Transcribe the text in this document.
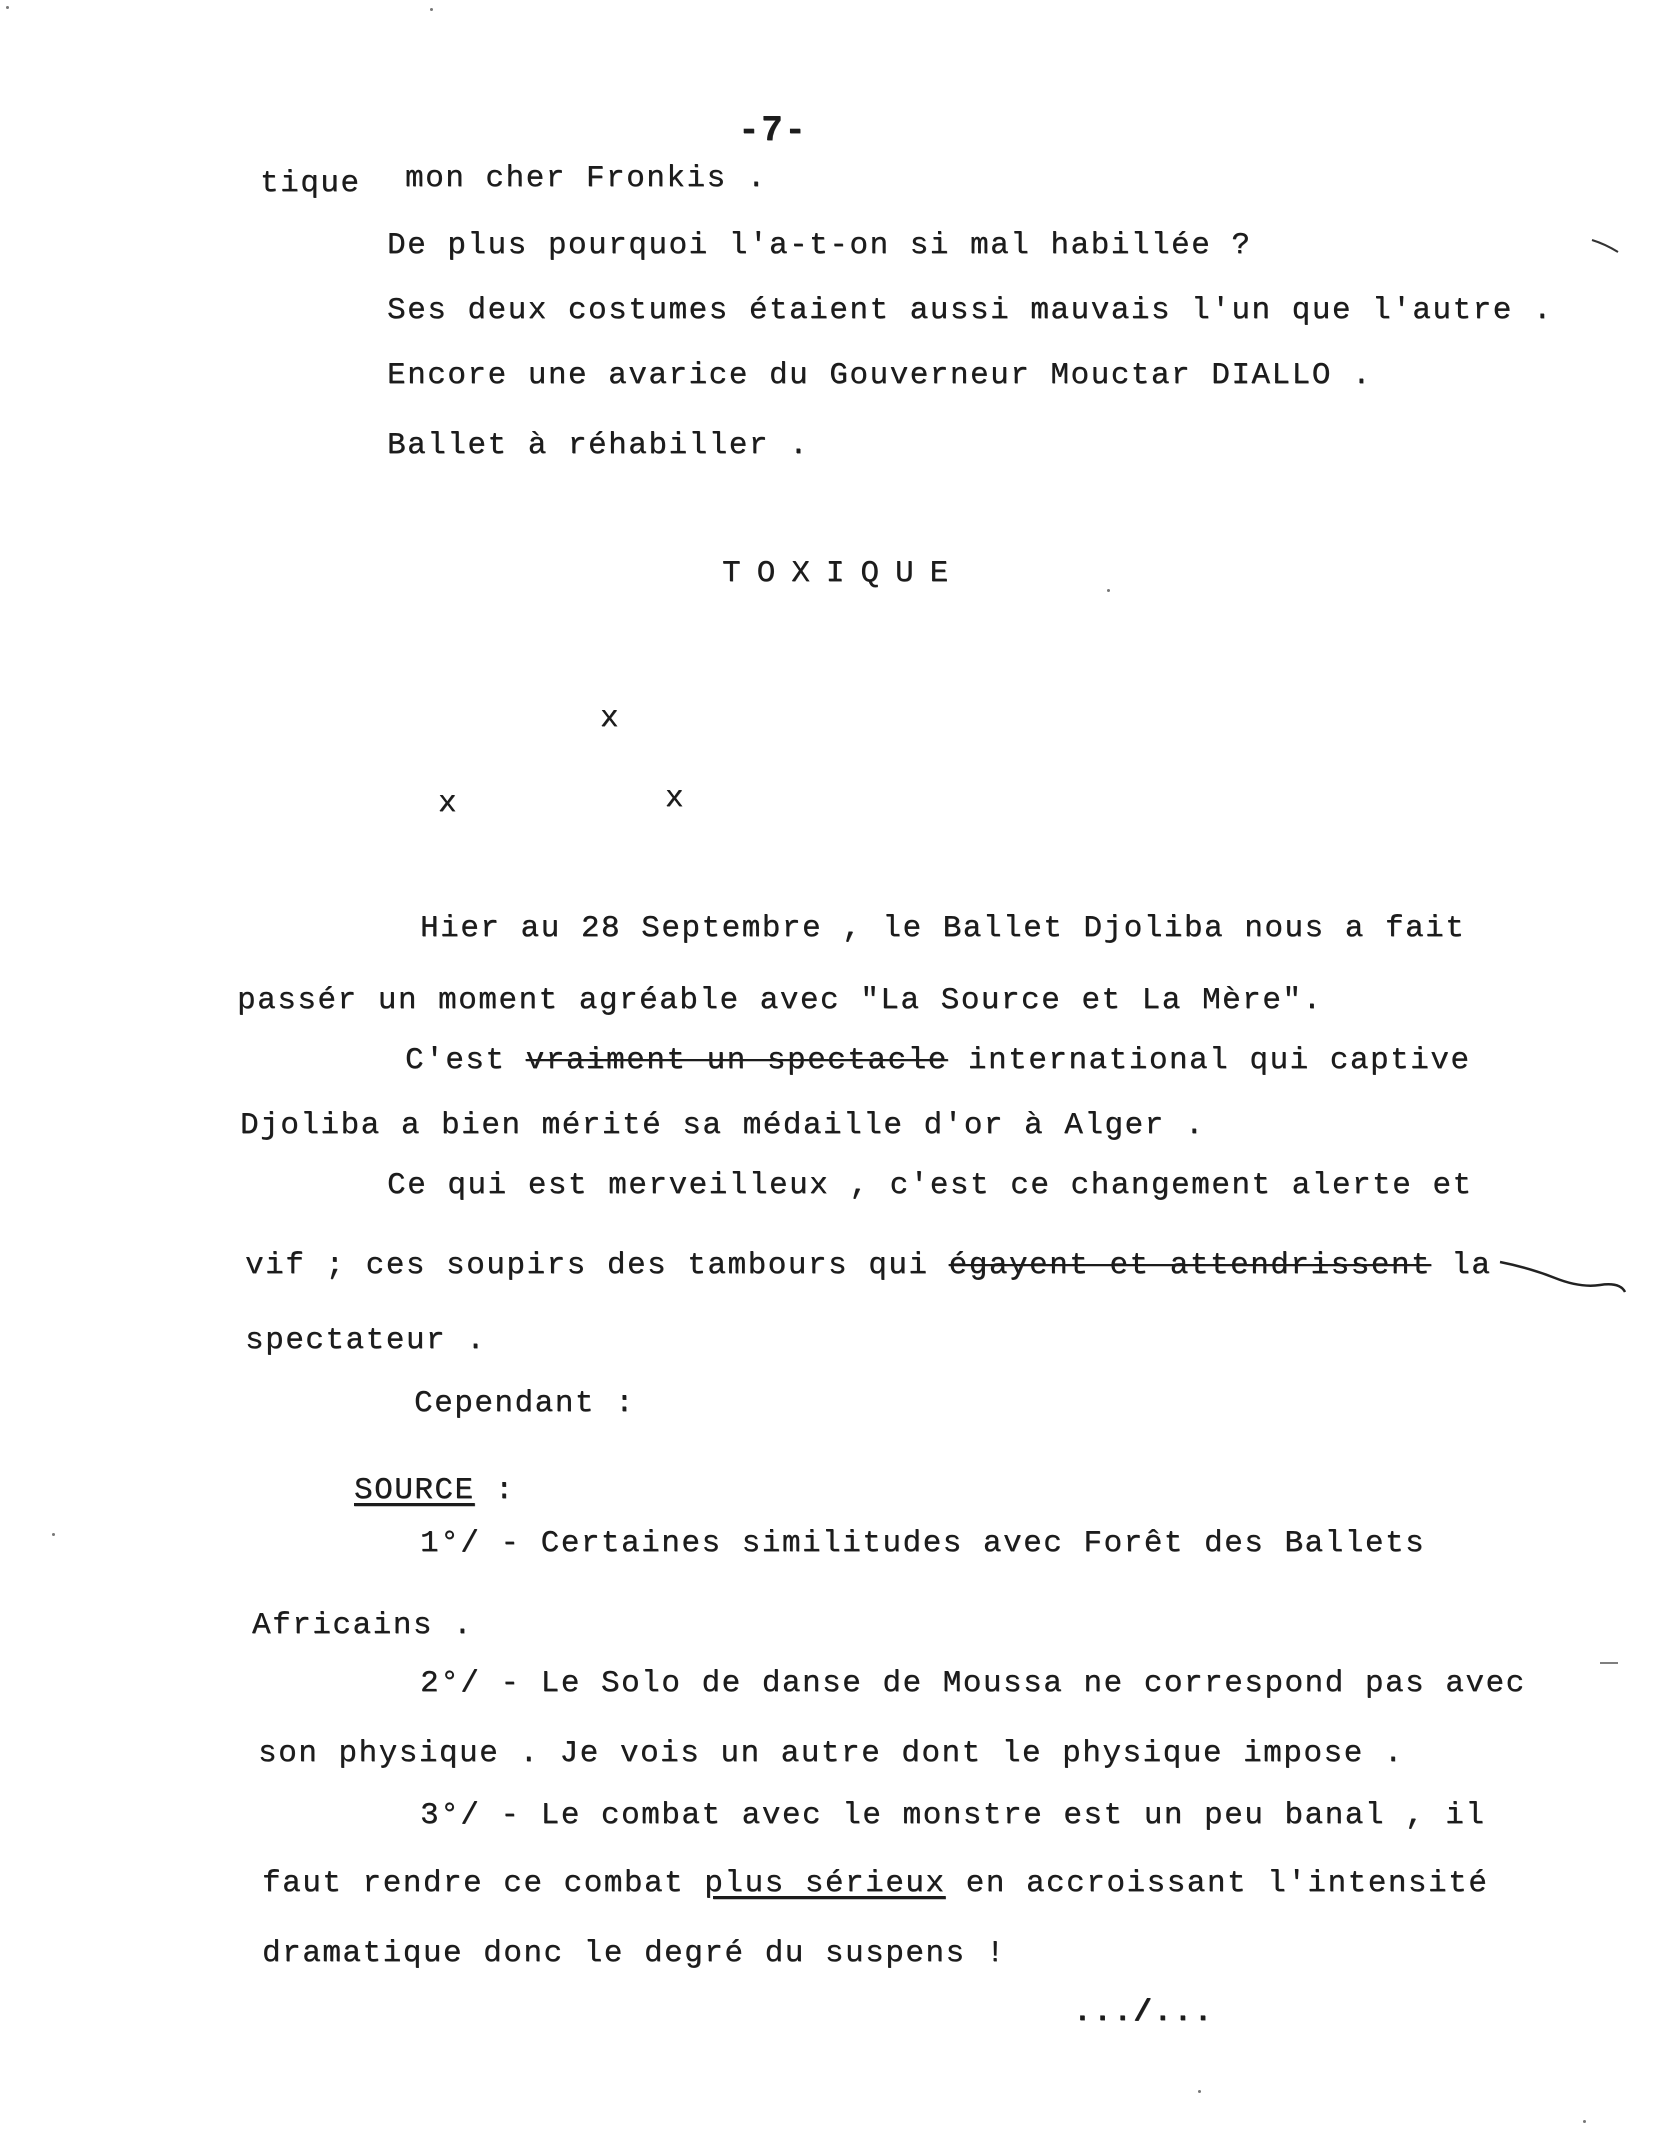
-7-
tique mon cher Fronkis .
De plus pourquoi l'a-t-on si mal habillée ?
Ses deux costumes étaient aussi mauvais l'un que l'autre .
Encore une avarice du Gouverneur Mouctar DIALLO .
Ballet à réhabiller .
TOXIQUE
x
x	x
Hier au 28 Septembre , le Ballet Djoliba nous a fait
passér un moment agréable avec "La Source et La Mère".
C'est vraiment un spectacle international qui captive
Djoliba a bien mérité sa médaille d'or à Alger .
Ce qui est merveilleux , c'est ce changement alerte et
vif ; ces soupirs des tambours qui égayent et attendrissent la
spectateur .
Cependant :
SOURCE :
1°/ - Certaines similitudes avec Forêt des Ballets
Africains .
2°/ - Le Solo de danse de Moussa ne correspond pas avec
son physique . Je vois un autre dont le physique impose .
3°/ - Le combat avec le monstre est un peu banal , il
faut rendre ce combat plus sérieux en accroissant l'intensité
dramatique donc le degré du suspens !
.../...
